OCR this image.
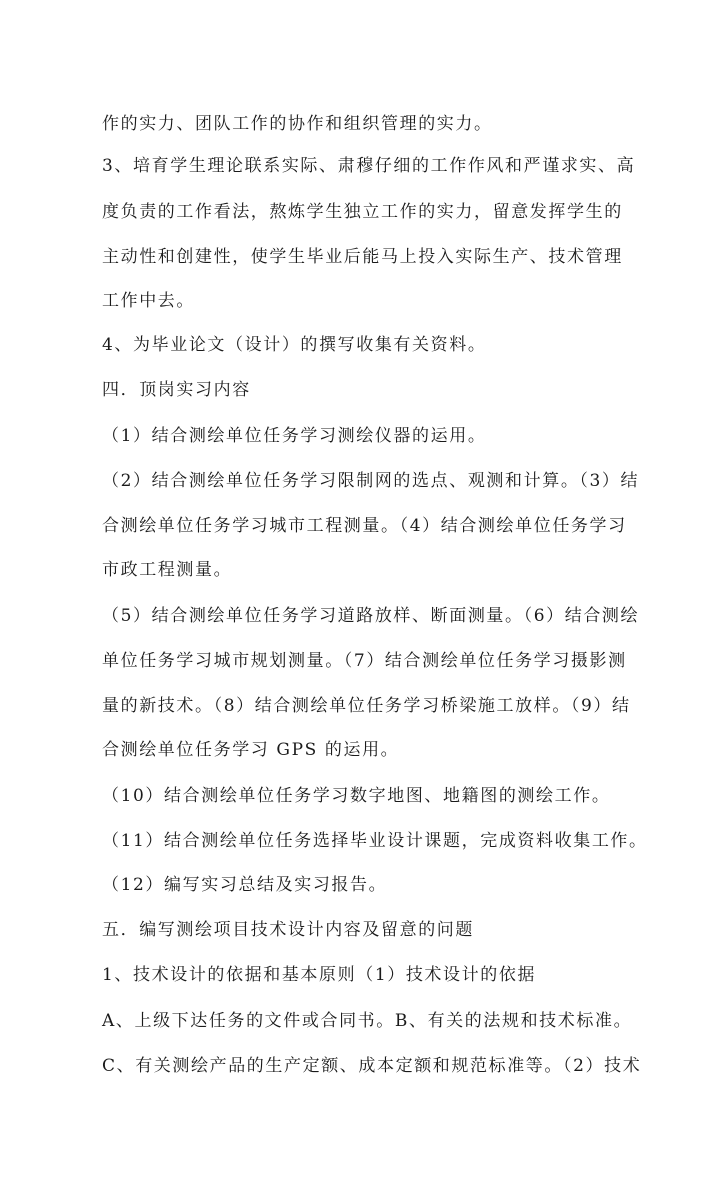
作的实力、团队工作的协作和组织管理的实力。
3、培育学生理论联系实际、肃穆仔细的工作作风和严谨求实、高
度负责的工作看法，熬炼学生独立工作的实力，留意发挥学生的
主动性和创建性，使学生毕业后能马上投入实际生产、技术管理
工作中去。
4、为毕业论文（设计）的撰写收集有关资料。
四．顶岗实习内容
（1）结合测绘单位任务学习测绘仪器的运用。
（2）结合测绘单位任务学习限制网的选点、观测和计算。（3）结
合测绘单位任务学习城市工程测量。（4）结合测绘单位任务学习
市政工程测量。
（5）结合测绘单位任务学习道路放样、断面测量。（6）结合测绘
单位任务学习城市规划测量。（7）结合测绘单位任务学习摄影测
量的新技术。（8）结合测绘单位任务学习桥梁施工放样。（9）结
合测绘单位任务学习 GPS 的运用。
（10）结合测绘单位任务学习数字地图、地籍图的测绘工作。
（11）结合测绘单位任务选择毕业设计课题，完成资料收集工作。
（12）编写实习总结及实习报告。
五．编写测绘项目技术设计内容及留意的问题
1、技术设计的依据和基本原则（1）技术设计的依据
A、上级下达任务的文件或合同书。B、有关的法规和技术标准。
C、有关测绘产品的生产定额、成本定额和规范标准等。（2）技术
